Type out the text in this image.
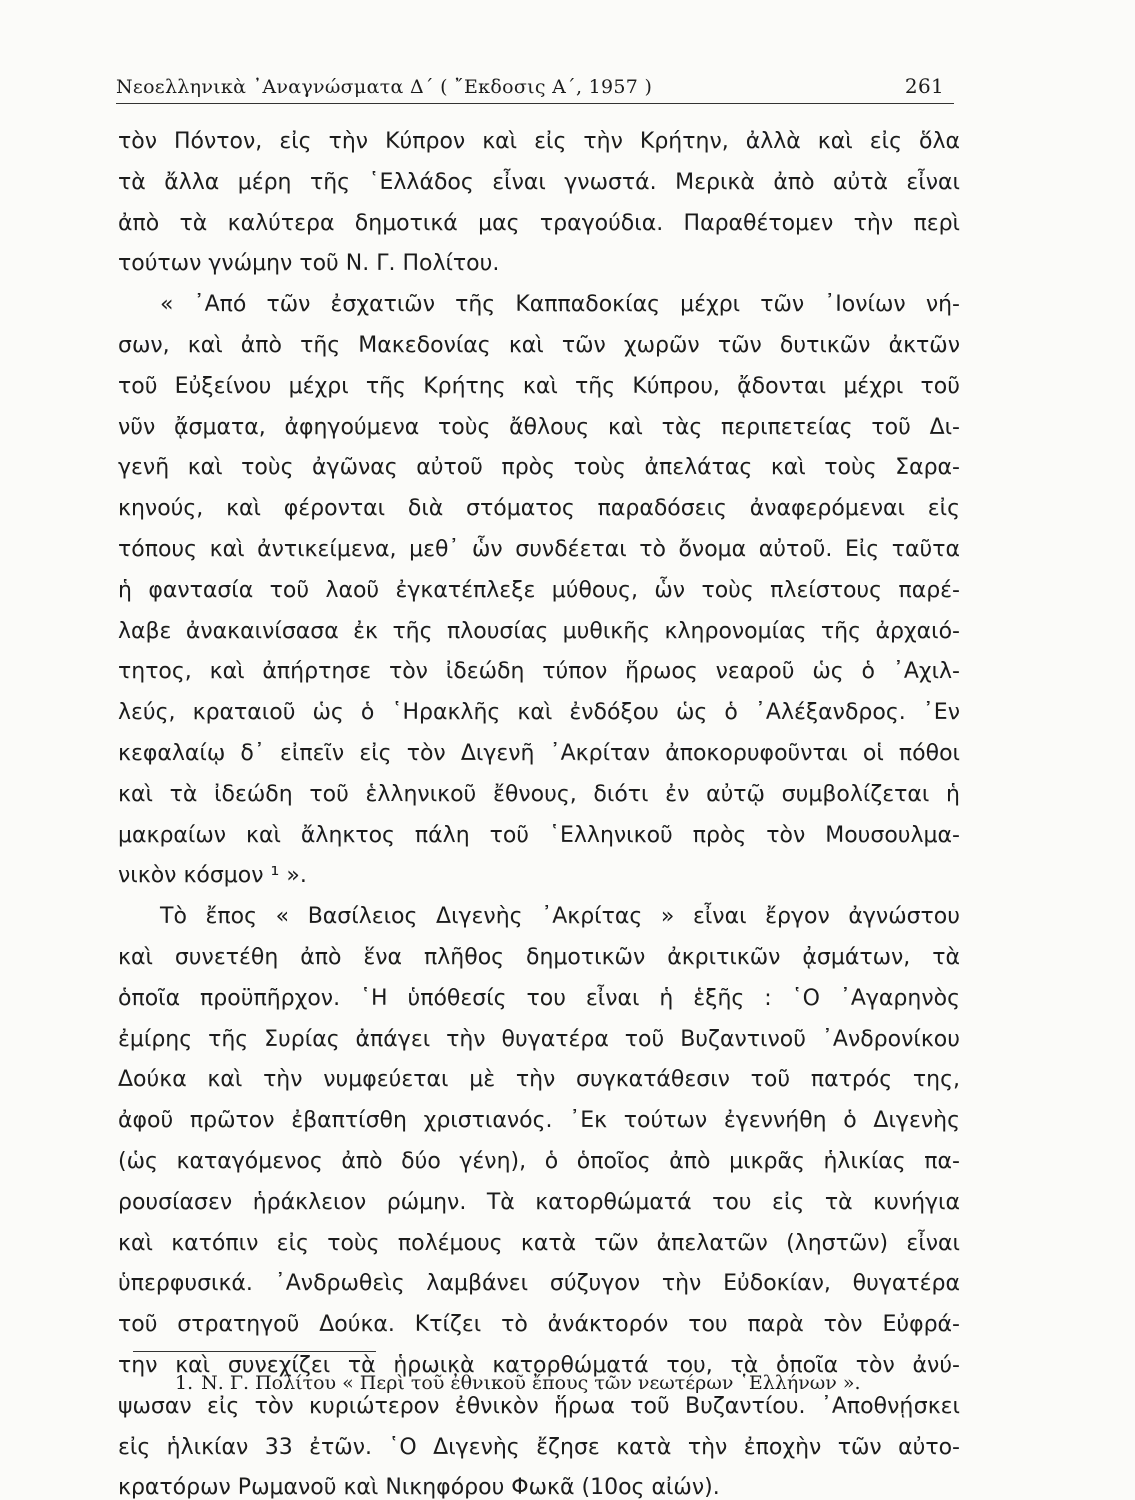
Νεοελληνικὰ ᾿Αναγνώσματα Δ΄ ( ῎Εκδοσις Α΄, 1957 )	261
τὸν Πόντον, εἰς τὴν Κύπρον καὶ εἰς τὴν Κρήτην, ἀλλὰ καὶ εἰς ὅλα
τὰ ἄλλα μέρη τῆς ῾Ελλάδος εἶναι γνωστά. Μερικὰ ἀπὸ αὐτὰ εἶναι
ἀπὸ τὰ καλύτερα δημοτικά μας τραγούδια. Παραθέτομεν τὴν περὶ
τούτων γνώμην τοῦ Ν. Γ. Πολίτου.
« ᾿Από τῶν ἐσχατιῶν τῆς Καππαδοκίας μέχρι τῶν ᾿Ιονίων νή-
σων, καὶ ἀπὸ τῆς Μακεδονίας καὶ τῶν χωρῶν τῶν δυτικῶν ἀκτῶν
τοῦ Εὐξείνου μέχρι τῆς Κρήτης καὶ τῆς Κύπρου, ᾄδονται μέχρι τοῦ
νῦν ᾄσματα, ἀφηγούμενα τοὺς ἄθλους καὶ τὰς περιπετείας τοῦ Δι-
γενῆ καὶ τοὺς ἀγῶνας αὐτοῦ πρὸς τοὺς ἀπελάτας καὶ τοὺς Σαρα-
κηνούς, καὶ φέρονται διὰ στόματος παραδόσεις ἀναφερόμεναι εἰς
τόπους καὶ ἀντικείμενα, μεθ᾿ ὧν συνδέεται τὸ ὄνομα αὐτοῦ. Εἰς ταῦτα
ἡ φαντασία τοῦ λαοῦ ἐγκατέπλεξε μύθους, ὧν τοὺς πλείστους παρέ-
λαβε ἀνακαινίσασα ἐκ τῆς πλουσίας μυθικῆς κληρονομίας τῆς ἀρχαιό-
τητος, καὶ ἀπήρτησε τὸν ἰδεώδη τύπον ἥρωος νεαροῦ ὡς ὁ ᾿Αχιλ-
λεύς, κραταιοῦ ὡς ὁ ῾Ηρακλῆς καὶ ἐνδόξου ὡς ὁ ᾿Αλέξανδρος. ᾿Εν
κεφαλαίῳ δ᾿ εἰπεῖν εἰς τὸν Διγενῆ ᾿Ακρίταν ἀποκορυφοῦνται οἱ πόθοι
καὶ τὰ ἰδεώδη τοῦ ἑλληνικοῦ ἔθνους, διότι ἐν αὐτῷ συμβολίζεται ἡ
μακραίων καὶ ἄληκτος πάλη τοῦ ῾Ελληνικοῦ πρὸς τὸν Μουσουλμα-
νικὸν κόσμον ¹ ».
Τὸ ἔπος « Βασίλειος Διγενὴς ᾿Ακρίτας » εἶναι ἔργον ἀγνώστου
καὶ συνετέθη ἀπὸ ἕνα πλῆθος δημοτικῶν ἀκριτικῶν ᾀσμάτων, τὰ
ὁποῖα προϋπῆρχον. ῾Η ὑπόθεσίς του εἶναι ἡ ἑξῆς : ῾Ο ᾿Αγαρηνὸς
ἐμίρης τῆς Συρίας ἀπάγει τὴν θυγατέρα τοῦ Βυζαντινοῦ ᾿Ανδρονίκου
Δούκα καὶ τὴν νυμφεύεται μὲ τὴν συγκατάθεσιν τοῦ πατρός της,
ἀφοῦ πρῶτον ἐβαπτίσθη χριστιανός. ᾿Εκ τούτων ἐγεννήθη ὁ Διγενὴς
(ὡς καταγόμενος ἀπὸ δύο γένη), ὁ ὁποῖος ἀπὸ μικρᾶς ἡλικίας πα-
ρουσίασεν ἡράκλειον ρώμην. Τὰ κατορθώματά του εἰς τὰ κυνήγια
καὶ κατόπιν εἰς τοὺς πολέμους κατὰ τῶν ἀπελατῶν (ληστῶν) εἶναι
ὑπερφυσικά. ᾿Ανδρωθεὶς λαμβάνει σύζυγον τὴν Εὐδοκίαν, θυγατέρα
τοῦ στρατηγοῦ Δούκα. Κτίζει τὸ ἀνάκτορόν του παρὰ τὸν Εὐφρά-
την καὶ συνεχίζει τὰ ἡρωικὰ κατορθώματά του, τὰ ὁποῖα τὸν ἀνύ-
ψωσαν εἰς τὸν κυριώτερον ἐθνικὸν ἥρωα τοῦ Βυζαντίου. ᾿Αποθνῄσκει
εἰς ἡλικίαν 33 ἐτῶν. ῾Ο Διγενὴς ἔζησε κατὰ τὴν ἐποχὴν τῶν αὐτο-
κρατόρων Ρωμανοῦ καὶ Νικηφόρου Φωκᾶ (10ος αἰών).
1. Ν. Γ. Πολίτου « Περὶ τοῦ ἐθνικοῦ ἔπους τῶν νεωτέρων ῾Ελλήνων ».
